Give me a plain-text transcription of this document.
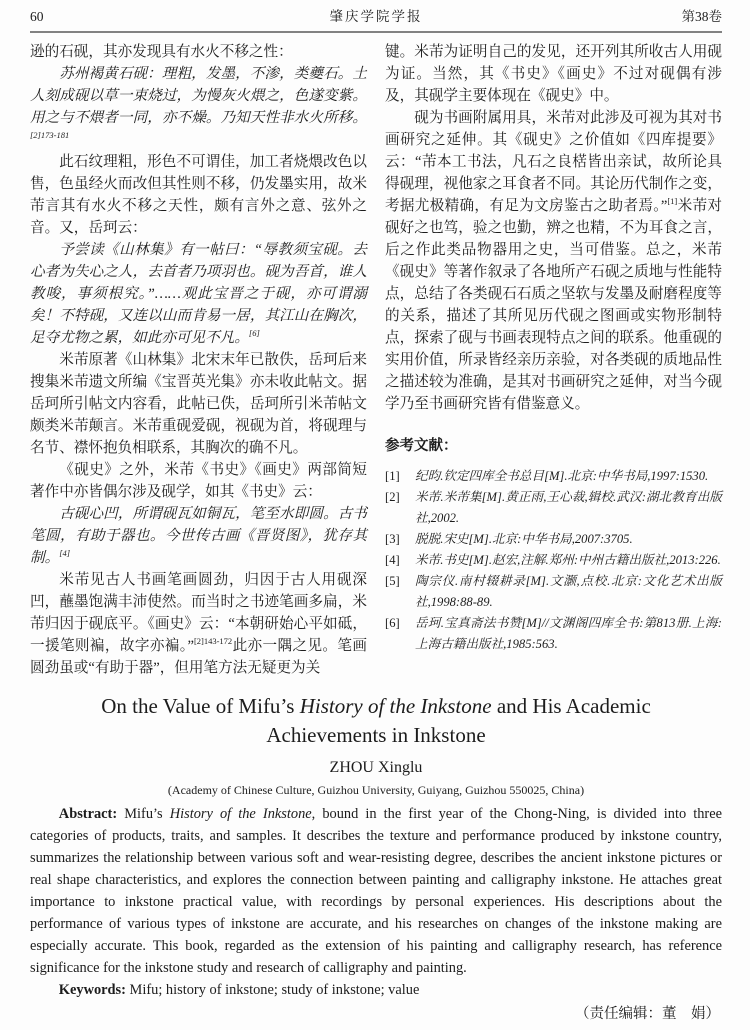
60	肇庆学院学报	第38卷

逊的石砚，其亦发现具有水火不移之性：

苏州褐黄石砚：理粗，发墨，不渗，类夔石。土人刻成砚以草一束烧过，为慢灰火煨之，色遂变紫。用之与不煨者一同，亦不燥。乃知天性非水火所移。$^{[2]173-181}$

此石纹理粗，形色不可谓佳，加工者烧煨改色以售，色虽经火而改但其性则不移，仍发墨实用，故米芾言其有水火不移之天性，颇有言外之意、弦外之音。又，岳珂云：

予尝读《山林集》有一帖曰：“辱教须宝砚。去心者为失心之人，去首者乃项羽也。砚为吾首，谁人教唆，事须根究。”……观此宝晋之于砚，亦可谓溺矣！不特砚，又连以山而肯易一居，其江山在胸次，足夺尤物之累，如此亦可见不凡。[6]

米芾原著《山林集》北宋末年已散佚，岳珂后来搜集米芾遗文所编《宝晋英光集》亦未收此帖文。据岳珂所引帖文内容看，此帖已佚，岳珂所引米芾帖文颇类米芾颠言。米芾重砚爱砚，视砚为首，将砚理与名节、襟怀抱负相联系，其胸次的确不凡。

《砚史》之外，米芾《书史》《画史》两部简短著作中亦皆偶尔涉及砚学，如其《书史》云：

古砚心凹，所谓砚瓦如铜瓦，笔至水即圆。古书笔圆，有助于器也。今世传古画《晋贤图》，犹存其制。[4]

米芾见古人书画笔画圆劲，归因于古人用砚深凹，蘸墨饱满丰沛使然。而当时之书迹笔画多扁，米芾归因于砚底平。《画史》云：“本朝研始心平如砥，一援笔则褊，故字亦褊。”$^{[2]143-172}$此亦一隅之见。笔画圆劲虽或“有助于器”，但用笔方法无疑更为关

键。米芾为证明自己的发见，还开列其所收古人用砚为证。当然，其《书史》《画史》不过对砚偶有涉及，其砚学主要体现在《砚史》中。

砚为书画附属用具，米芾对此涉及可视为其对书画研究之延伸。其《砚史》之价值如《四库提要》云：“芾本工书法，凡石之良楛皆出亲试，故所论具得砚理，视他家之耳食者不同。其论历代制作之变，考据尤极精确，有足为文房鉴古之助者焉。”[1]米芾对砚好之也笃，验之也勤，辨之也精，不为耳食之言，后之作此类品物器用之史，当可借鉴。总之，米芾《砚史》等著作叙录了各地所产石砚之质地与性能特点，总结了各类砚石石质之坚软与发墨及耐磨程度等的关系，描述了其所见历代砚之图画或实物形制特点，探索了砚与书画表现特点之间的联系。他重砚的实用价值，所录皆经亲历亲验，对各类砚的质地品性之描述较为准确，是其对书画研究之延伸，对当今砚学乃至书画研究皆有借鉴意义。

参考文献：
[1]	纪昀.钦定四库全书总目[M].北京:中华书局,1997:1530.
[2]	米芾.米芾集[M].黄正雨,王心裁,辑校.武汉:湖北教育出版社,2002.
[3]	脱脱.宋史[M].北京:中华书局,2007:3705.
[4]	米芾.书史[M].赵宏,注解.郑州:中州古籍出版社,2013:226.
[5]	陶宗仪.南村辍耕录[M].文灏,点校.北京:文化艺术出版社,1998:88-89.
[6]	岳珂.宝真斋法书赞[M]//文渊阁四库全书:第813册.上海:上海古籍出版社,1985:563.
On the Value of Mifu’s History of the Inkstone and His Academic Achievements in Inkstone
ZHOU Xinglu
(Academy of Chinese Culture, Guizhou University, Guiyang, Guizhou 550025, China)

Abstract: Mifu’s History of the Inkstone, bound in the first year of the Chong-Ning, is divided into three categories of products, traits, and samples. It describes the texture and performance produced by inkstone country, summarizes the relationship between various soft and wear-resisting degree, describes the ancient inkstone pictures or real shape characteristics, and explores the connection between painting and calligraphy inkstone. He attaches great importance to inkstone practical value, with recordings by personal experiences. His descriptions about the performance of various types of inkstone are accurate, and his researches on changes of the inkstone making are especially accurate. This book, regarded as the extension of his painting and calligraphy research, has reference significance for the inkstone study and research of calligraphy and painting.

Keywords: Mifu; history of inkstone; study of inkstone; value

（责任编辑：董　娟）
